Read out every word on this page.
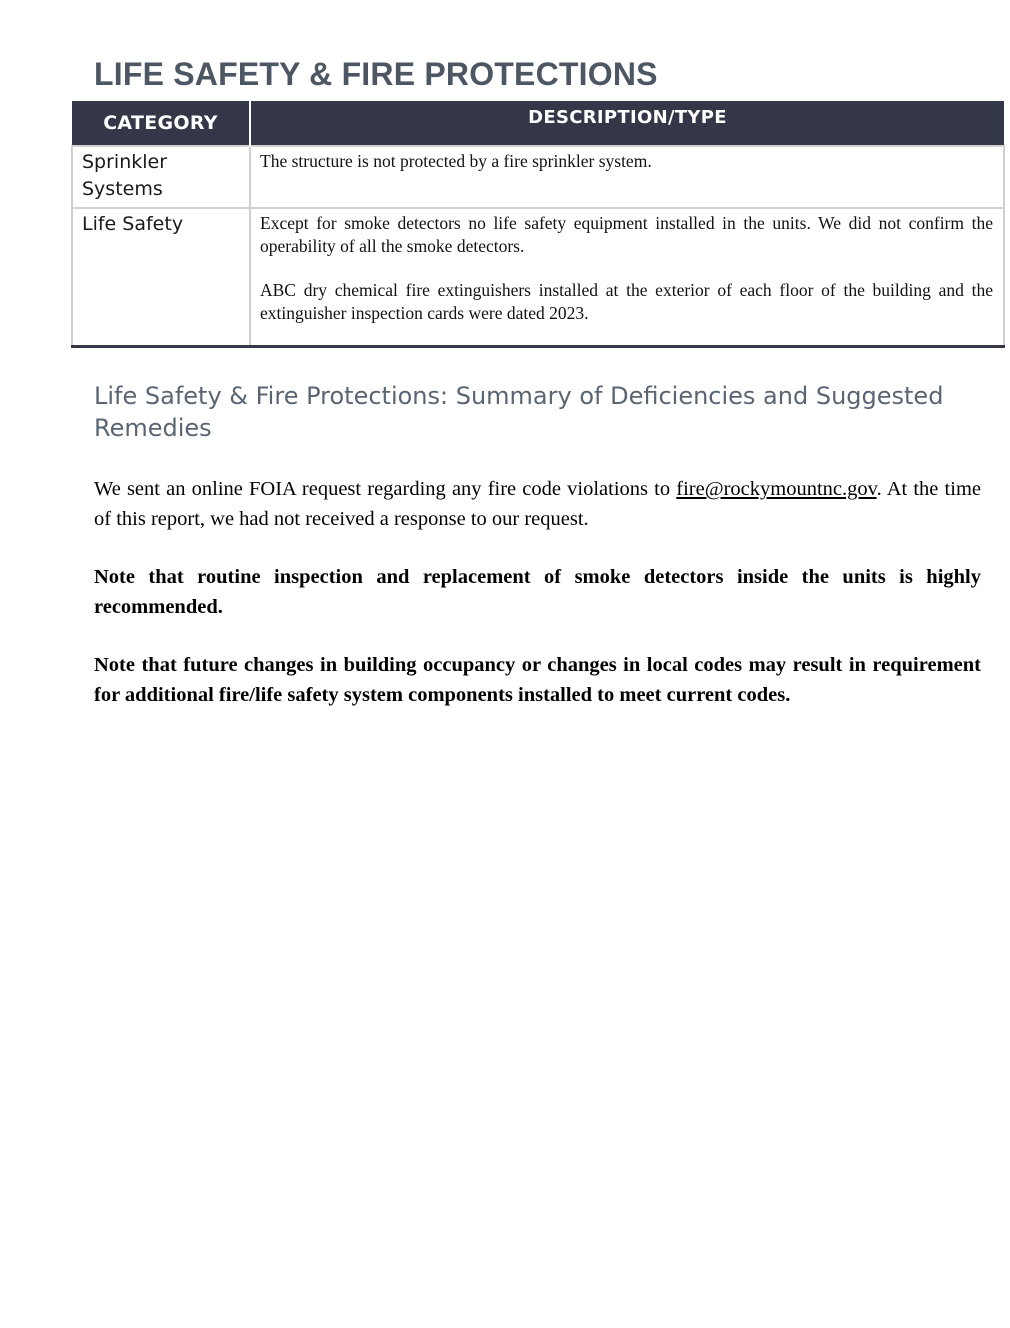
LIFE SAFETY & FIRE PROTECTIONS
CATEGORY	DESCRIPTION/TYPE
Sprinkler Systems	The structure is not protected by a fire sprinkler system.

Life Safety	Except for smoke detectors no life safety equipment installed in the units. We did not confirm the operability of all the smoke detectors.

ABC dry chemical fire extinguishers installed at the exterior of each floor of the building and the extinguisher inspection cards were dated 2023.

Life Safety & Fire Protections: Summary of Deficiencies and Suggested Remedies

We sent an online FOIA request regarding any fire code violations to fire@rockymountnc.gov. At the time of this report, we had not received a response to our request.

Note that routine inspection and replacement of smoke detectors inside the units is highly recommended.

Note that future changes in building occupancy or changes in local codes may result in requirement for additional fire/life safety system components installed to meet current codes.
